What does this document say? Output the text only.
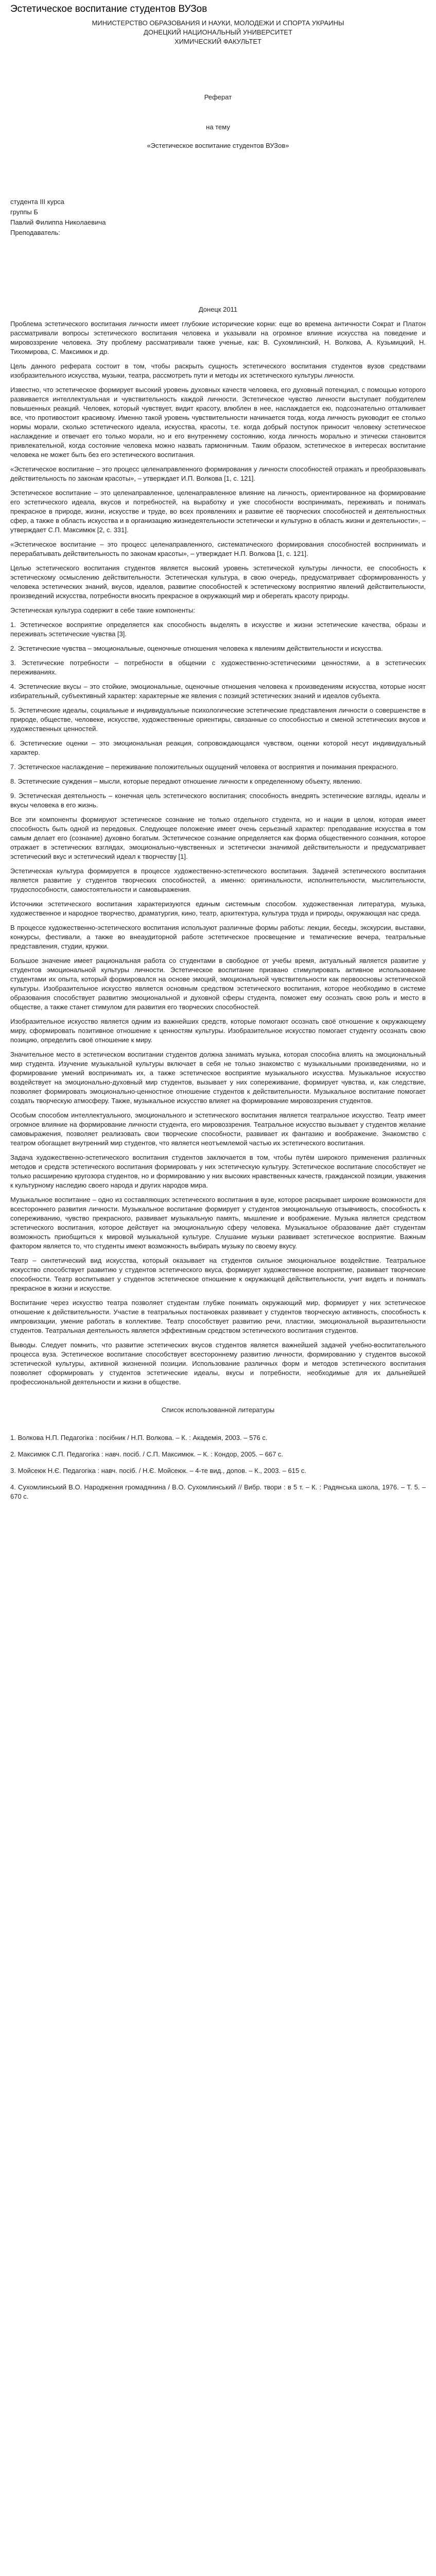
Эстетическое воспитание студентов ВУЗов
МИНИСТЕРСТВО ОБРАЗОВАНИЯ И НАУКИ, МОЛОДЕЖИ И СПОРТА УКРАИНЫ
ДОНЕЦКИЙ НАЦИОНАЛЬНЫЙ УНИВЕРСИТЕТ
ХИМИЧЕСКИЙ ФАКУЛЬТЕТ
Реферат
на тему
«Эстетическое воспитание студентов ВУЗов»
студента III курса
группы Б
Павлий Филиппа Николаевича
Преподаватель:
Донецк 2011

Проблема эстетического воспитания личности имеет глубокие исторические корни: еще во времена античности Сократ и Платон рассматривали вопросы эстетического воспитания человека и указывали на огромное влияние искусства на поведение и мировоззрение человека. Эту проблему рассматривали также ученые, как: В. Сухомлинский, Н. Волкова, А. Кузьмицкий, Н. Тихомирова, С. Максимюк и др.

Цель данного реферата состоит в том, чтобы раскрыть сущность эстетического воспитания студентов вузов средствами изобразительного искусства, музыки, театра, рассмотреть пути и методы их эстетического культуры личности.

Известно, что эстетическое формирует высокий уровень духовных качеств человека, его духовный потенциал, с помощью которого развивается интеллектуальная и чувствительность каждой личности. Эстетическое чувство личности выступает побудителем повышенных реакций. Человек, который чувствует, видит красоту, влюблен в нее, наслаждается ею, подсознательно отталкивает все, что противостоит красивому. Именно такой уровень чувствительности начинается тогда, когда личность руководит ее столько нормы морали, сколько эстетического идеала, искусства, красоты, т.е. когда добрый поступок приносит человеку эстетическое наслаждение и отвечает его только морали, но и его внутреннему состоянию, когда личность морально и этически становится привлекательной, когда состояние человека можно назвать гармоничным. Таким образом, эстетическое в интересах воспитание человека не может быть без его эстетического воспитания.

«Эстетическое воспитание – это процесс целенаправленного формирования у личности способностей отражать и преобразовывать действительность по законам красоты», – утверждает И.П. Волкова [1, с. 121].

Эстетическое воспитание – это целенаправленное, целенаправленное влияние на личность, ориентированное на формирование его эстетического идеала, вкусов и потребностей, на выработку и уже способности воспринимать, переживать и понимать прекрасное в природе, жизни, искусстве и труде, во всех проявлениях и развитие её творческих способностей и деятельностных сфер, а также в область искусства и в организацию жизнедеятельности эстетически и культурно в область жизни и деятельности», – утверждает С.П. Максимюк [2, с. 331].

«Эстетическое воспитание – это процесс целенаправленного, систематического формирования способностей воспринимать и перерабатывать действительность по законам красоты», – утверждает Н.П. Волкова [1, с. 121].

Целью эстетического воспитания студентов является высокий уровень эстетической культуры личности, ее способность к эстетическому осмыслению действительности. Эстетическая культура, в свою очередь, предусматривает сформированность у человека эстетических знаний, вкусов, идеалов, развитие способностей к эстетическому восприятию явлений действительности, произведений искусства, потребности вносить прекрасное в окружающий мир и оберегать красоту природы.

Эстетическая культура содержит в себе такие компоненты:

1. Эстетическое восприятие определяется как способность выделять в искусстве и жизни эстетические качества, образы и переживать эстетические чувства [3].

2. Эстетические чувства – эмоциональные, оценочные отношения человека к явлениям действительности и искусства.

3. Эстетические потребности – потребности в общении с художественно-эстетическими ценностями, а в эстетических переживаниях.

4. Эстетические вкусы – это стойкие, эмоциональные, оценочные отношения человека к произведениям искусства, которые носят избирательный, субъективный характер: характерные же явления с позиций эстетических знаний и идеалов субъекта.

5. Эстетические идеалы, социальные и индивидуальные психологические эстетические представления личности о совершенстве в природе, обществе, человеке, искусстве, художественные ориентиры, связанные со способностью и сменой эстетических вкусов и художественных ценностей.

6. Эстетические оценки – это эмоциональная реакция, сопровождающаяся чувством, оценки которой несут индивидуальный характер.

7. Эстетическое наслаждение – переживание положительных ощущений человека от восприятия и понимания прекрасного.

8. Эстетические суждения – мысли, которые передают отношение личности к определенному объекту, явлению.

9. Эстетическая деятельность – конечная цель эстетического воспитания; способность внедрять эстетические взгляды, идеалы и вкусы человека в его жизнь.

Все эти компоненты формируют эстетическое сознание не только отдельного студента, но и нации в целом, которая имеет способность быть одной из передовых. Следующее положение имеет очень серьезный характер: преподавание искусства в том самым делает его (сознание) духовно богатым. Эстетическое сознание определяется как форма общественного сознания, которое отражает в эстетических взглядах, эмоционально-чувственных и эстетически значимой действительности и предусматривает эстетический вкус и эстетический идеал к творчеству [1].

Эстетическая культура формируется в процессе художественно-эстетического воспитания. Задачей эстетического воспитания является развитие у студентов творческих способностей, а именно: оригинальности, исполнительности, мыслительности, трудоспособности, самостоятельности и самовыражения.

Источники эстетического воспитания характеризуются единым системным способом. художественная литература, музыка, художественное и народное творчество, драматургия, кино, театр, архитектура, культура труда и природы, окружающая нас среда.

В процессе художественно-эстетического воспитания используют различные формы работы: лекции, беседы, экскурсии, выставки, конкурсы, фестивали, а также во внеаудиторной работе эстетическое просвещение и тематические вечера, театральные представления, студии, кружки.

Большое значение имеет рациональная работа со студентами в свободное от учебы время, актуальный является развитие у студентов эмоциональной культуры личности. Эстетическое воспитание призвано стимулировать активное использование студентами их опыта, который формировался на основе эмоций, эмоциональной чувствительности как первоосновы эстетической культуры. Изобразительное искусство является основным средством эстетического воспитания, которое необходимо в системе образования способствует развитию эмоциональной и духовной сферы студента, поможет ему осознать свою роль и место в обществе, а также станет стимулом для развития его творческих способностей.

Изобразительное искусство является одним из важнейших средств, которые помогают осознать своё отношение к окружающему миру, сформировать позитивное отношение к ценностям культуры. Изобразительное искусство помогает студенту осознать свою позицию, определить своё отношение к миру.

Значительное место в эстетическом воспитании студентов должна занимать музыка, которая способна влиять на эмоциональный мир студента. Изучение музыкальной культуры включает в себя не только знакомство с музыкальными произведениями, но и формирование умений воспринимать их, а также эстетическое восприятие музыкального искусства. Музыкальное искусство воздействует на эмоционально-духовный мир студентов, вызывает у них сопереживание, формирует чувства, и, как следствие, позволяет формировать эмоционально-ценностное отношение студентов к действительности. Музыкальное воспитание помогает создать творческую атмосферу. Также, музыкальное искусство влияет на формирование мировоззрения студентов.

Особым способом интеллектуального, эмоционального и эстетического воспитания является театральное искусство. Театр имеет огромное влияние на формирование личности студента, его мировоззрения. Театральное искусство вызывает у студентов желание самовыражения, позволяет реализовать свои творческие способности, развивает их фантазию и воображение. Знакомство с театром обогащает внутренний мир студентов, что является неотъемлемой частью их эстетического воспитания.

Задача художественно-эстетического воспитания студентов заключается в том, чтобы путём широкого применения различных методов и средств эстетического воспитания формировать у них эстетическую культуру. Эстетическое воспитание способствует не только расширению кругозора студентов, но и формированию у них высоких нравственных качеств, гражданской позиции, уважения к культурному наследию своего народа и других народов мира.

Музыкальное воспитание – одно из составляющих эстетического воспитания в вузе, которое раскрывает широкие возможности для всестороннего развития личности. Музыкальное воспитание формирует у студентов эмоциональную отзывчивость, способность к сопереживанию, чувство прекрасного, развивает музыкальную память, мышление и воображение. Музыка является средством эстетического воспитания, которое действует на эмоциональную сферу человека. Музыкальное образование даёт студентам возможность приобщиться к мировой музыкальной культуре. Слушание музыки развивает эстетическое восприятие. Важным фактором является то, что студенты имеют возможность выбирать музыку по своему вкусу.

Театр – синтетический вид искусства, который оказывает на студентов сильное эмоциональное воздействие. Театральное искусство способствует развитию у студентов эстетического вкуса, формирует художественное восприятие, развивает творческие способности. Театр воспитывает у студентов эстетическое отношение к окружающей действительности, учит видеть и понимать прекрасное в жизни и искусстве.

Воспитание через искусство театра позволяет студентам глубже понимать окружающий мир, формирует у них эстетическое отношение к действительности. Участие в театральных постановках развивает у студентов творческую активность, способность к импровизации, умение работать в коллективе. Театр способствует развитию речи, пластики, эмоциональной выразительности студентов. Театральная деятельность является эффективным средством эстетического воспитания студентов.

Выводы. Следует помнить, что развитие эстетических вкусов студентов является важнейшей задачей учебно-воспитательного процесса вуза. Эстетическое воспитание способствует всестороннему развитию личности, формированию у студентов высокой эстетической культуры, активной жизненной позиции. Использование различных форм и методов эстетического воспитания позволяет сформировать у студентов эстетические идеалы, вкусы и потребности, необходимые для их дальнейшей профессиональной деятельности и жизни в обществе.

Список использованной литературы

1. Волкова Н.П. Педагогіка : посібник / Н.П. Волкова. – К. : Академія, 2003. – 576 с.

2. Максимюк С.П. Педагогіка : навч. посіб. / С.П. Максимюк. – К. : Кондор, 2005. – 667 с.

3. Мойсеюк Н.Є. Педагогіка : навч. посіб. / Н.Є. Мойсеюк. – 4-те вид., допов. – К., 2003. – 615 с.

4. Сухомлинський В.О. Народження громадянина / В.О. Сухомлинський // Вибр. твори : в 5 т. – К. : Радянська школа, 1976. – Т. 5. – 670 с.
